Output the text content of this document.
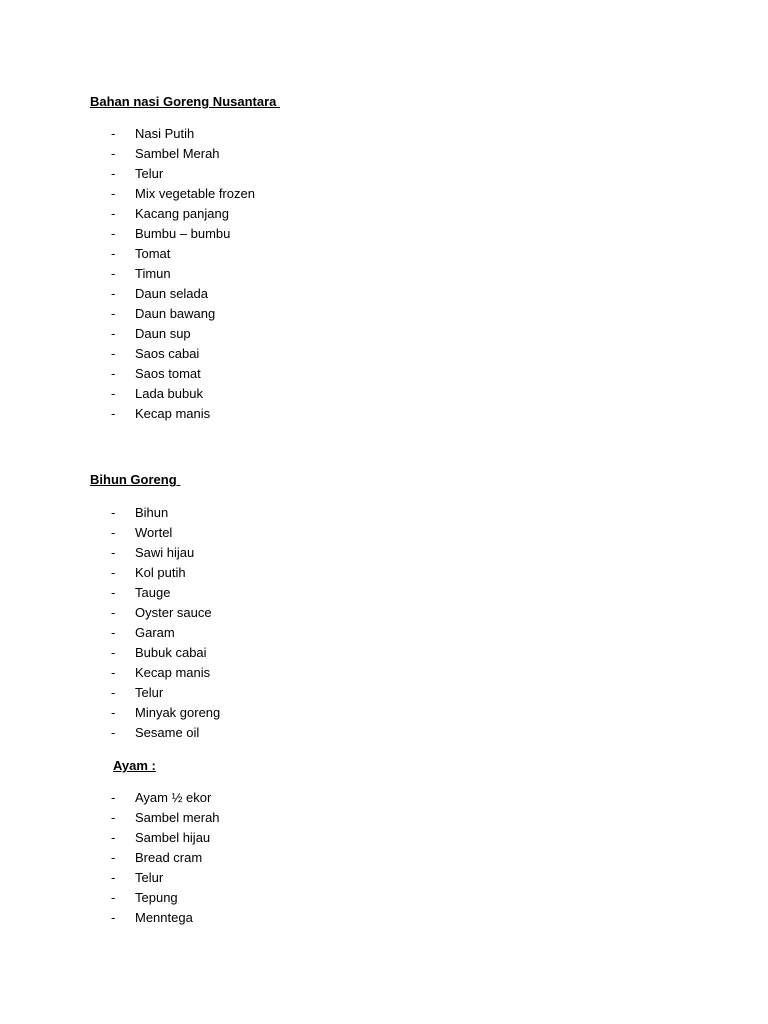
Bahan nasi Goreng Nusantara
-	Nasi Putih
-	Sambel Merah
-	Telur
-	Mix vegetable frozen
-	Kacang panjang
-	Bumbu – bumbu
-	Tomat
-	Timun
-	Daun selada
-	Daun bawang
-	Daun sup
-	Saos cabai
-	Saos tomat
-	Lada bubuk
-	Kecap manis
Bihun Goreng
-	Bihun
-	Wortel
-	Sawi hijau
-	Kol putih
-	Tauge
-	Oyster sauce
-	Garam
-	Bubuk cabai
-	Kecap manis
-	Telur
-	Minyak goreng
-	Sesame oil
Ayam :
-	Ayam ½ ekor
-	Sambel merah
-	Sambel hijau
-	Bread cram
-	Telur
-	Tepung
-	Menntega
